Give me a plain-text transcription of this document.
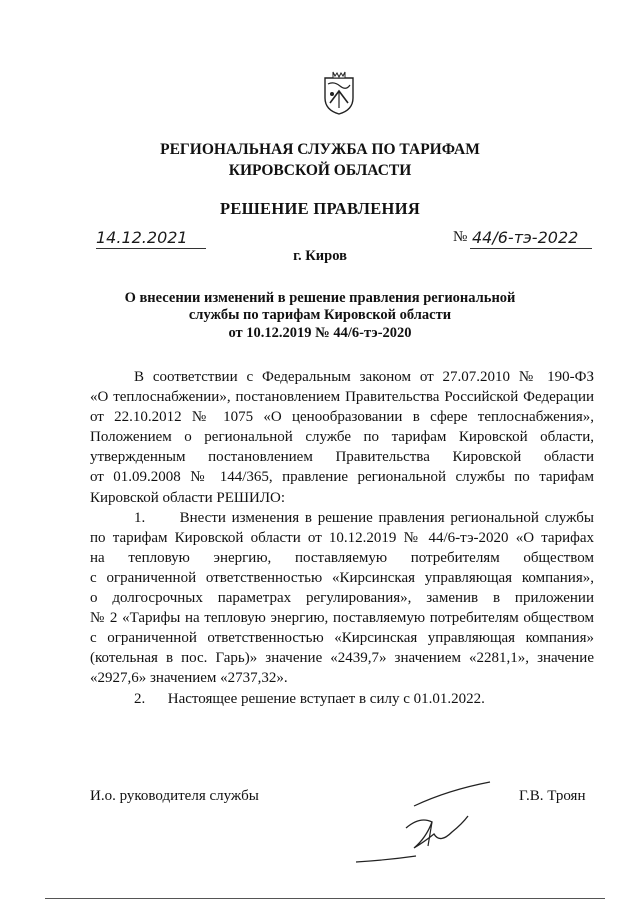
РЕГИОНАЛЬНАЯ СЛУЖБА ПО ТАРИФАМ
КИРОВСКОЙ ОБЛАСТИ
РЕШЕНИЕ ПРАВЛЕНИЯ
14.12.2021	№ 44/6-тэ-2022
г. Киров
О внесении изменений в решение правления региональной
службы по тарифам Кировской области
от 10.12.2019 № 44/6-тэ-2020

В соответствии с Федеральным законом от 27.07.2010 № 190-ФЗ

«О теплоснабжении», постановлением Правительства Российской Федерации

от 22.10.2012 № 1075 «О ценообразовании в сфере теплоснабжения»,

Положением о региональной службе по тарифам Кировской области,

утвержденным постановлением Правительства Кировской области

от 01.09.2008 № 144/365, правление региональной службы по тарифам

Кировской области РЕШИЛО:

1.      Внести изменения в решение правления региональной службы

по тарифам Кировской области от 10.12.2019 № 44/6-тэ-2020 «О тарифах

на тепловую энергию, поставляемую потребителям обществом

с ограниченной ответственностью «Кирсинская управляющая компания»,

о долгосрочных параметрах регулирования», заменив в приложении

№ 2 «Тарифы на тепловую энергию, поставляемую потребителям обществом

с ограниченной ответственностью «Кирсинская управляющая компания»

(котельная в пос. Гарь)» значение «2439,7» значением «2281,1», значение

«2927,6» значением «2737,32».

2.      Настоящее решение вступает в силу с 01.01.2022.

И.о. руководителя службы	Г.В. Троян
